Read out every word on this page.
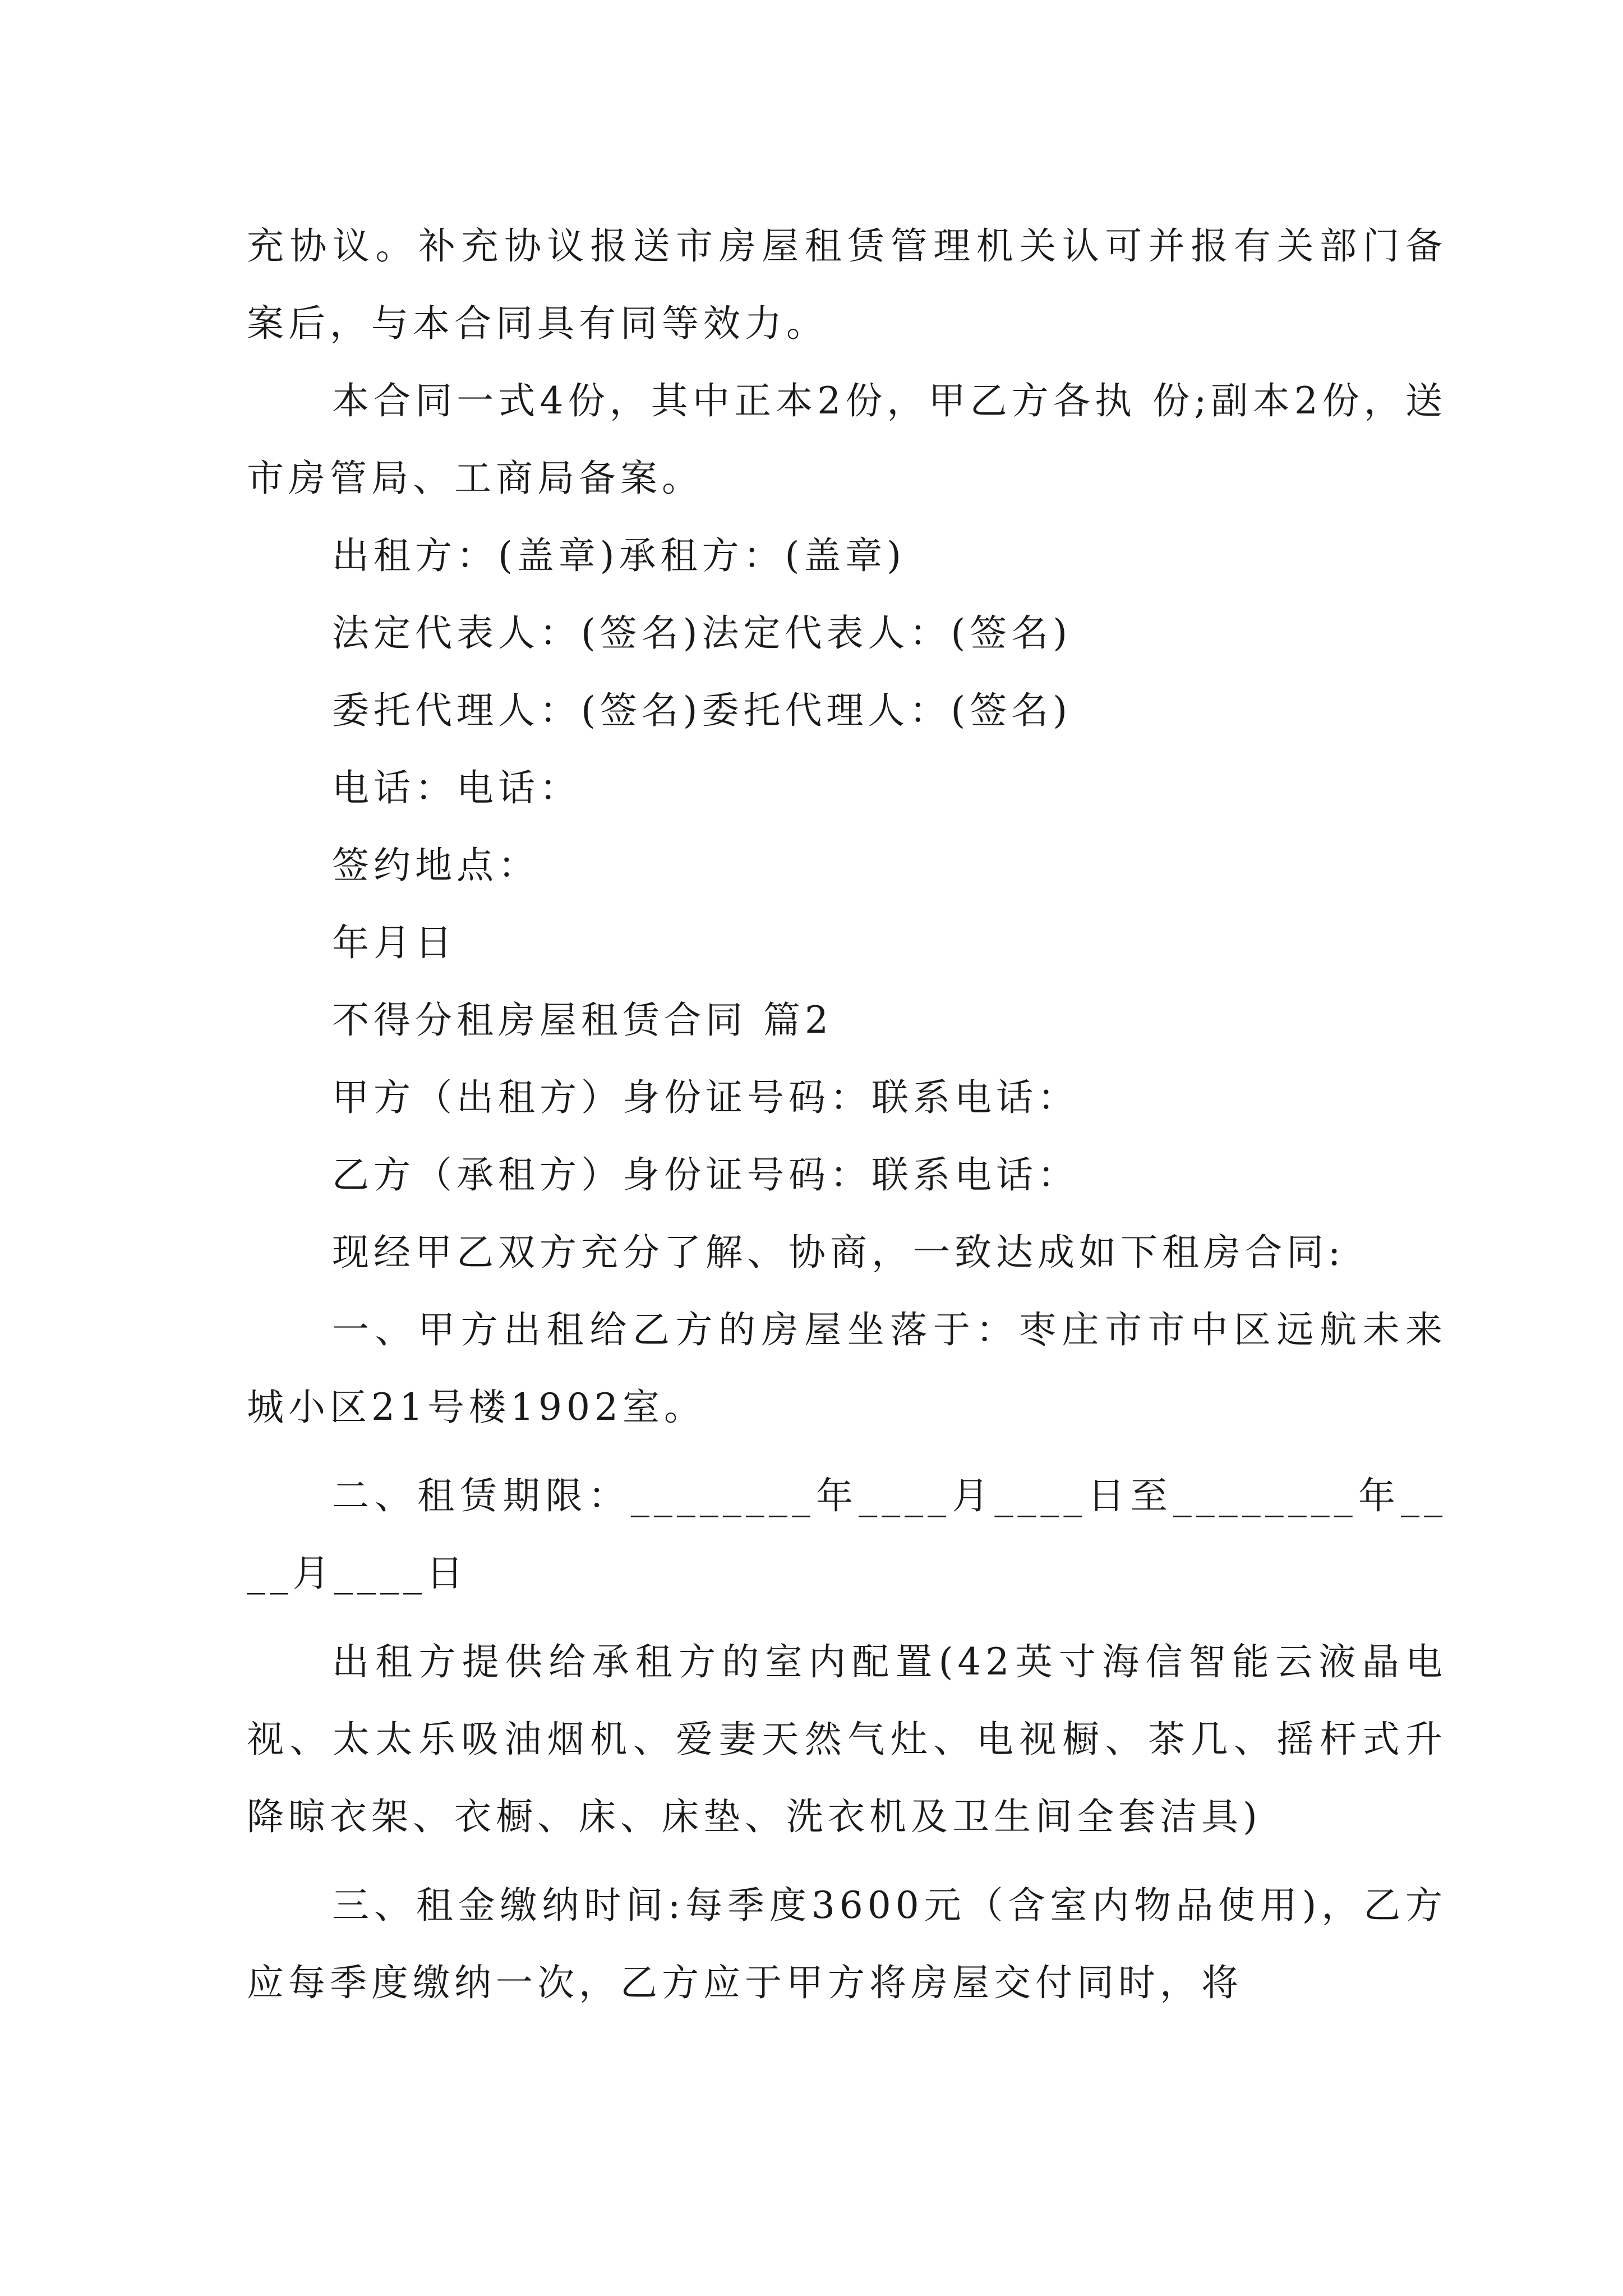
充协议。补充协议报送市房屋租赁管理机关认可并报有关部门备案后，与本合同具有同等效力。

本合同一式4份，其中正本2份，甲乙方各执 份;副本2份，送市房管局、工商局备案。

出租方：(盖章)承租方：(盖章)

法定代表人：(签名)法定代表人：(签名)

委托代理人：(签名)委托代理人：(签名)

电话：电话：

签约地点：

年月日

不得分租房屋租赁合同 篇2

甲方（出租方）身份证号码：联系电话：

乙方（承租方）身份证号码：联系电话：

现经甲乙双方充分了解、协商，一致达成如下租房合同:

一、甲方出租给乙方的房屋坐落于：枣庄市市中区远航未来城小区21号楼1902室。

二、租赁期限：________年____月____日至________年____月____日

出租方提供给承租方的室内配置(42英寸海信智能云液晶电视、太太乐吸油烟机、爱妻天然气灶、电视橱、茶几、摇杆式升降晾衣架、衣橱、床、床垫、洗衣机及卫生间全套洁具)

三、租金缴纳时间:每季度3600元（含室内物品使用)，乙方应每季度缴纳一次，乙方应于甲方将房屋交付同时，将
